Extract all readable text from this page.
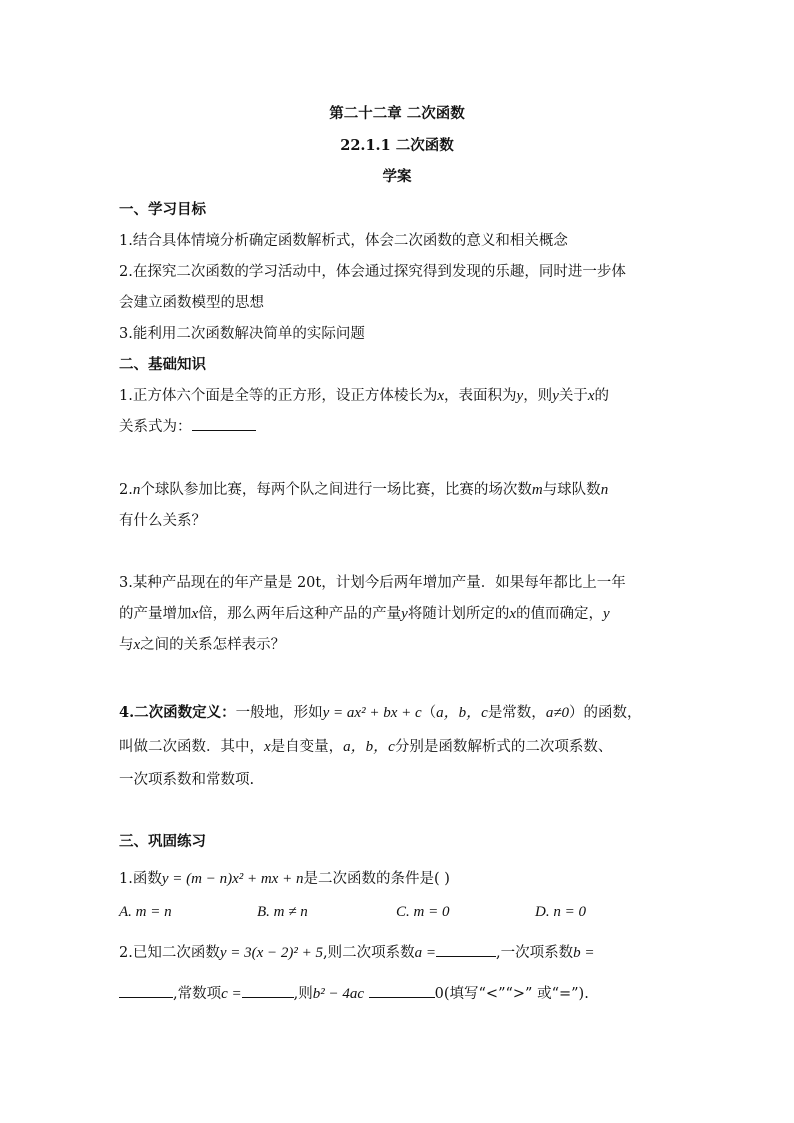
第二十二章 二次函数
22.1.1 二次函数
学案
一、学习目标
1.结合具体情境分析确定函数解析式，体会二次函数的意义和相关概念
2.在探究二次函数的学习活动中，体会通过探究得到发现的乐趣，同时进一步体
会建立函数模型的思想
3.能利用二次函数解决简单的实际问题
二、基础知识
1.正方体六个面是全等的正方形，设正方体棱长为x，表面积为y，则y关于x的
关系式为：
2.n个球队参加比赛，每两个队之间进行一场比赛，比赛的场次数m与球队数n
有什么关系？
3.某种产品现在的年产量是 20t，计划今后两年增加产量．如果每年都比上一年
的产量增加x倍，那么两年后这种产品的产量y将随计划所定的x的值而确定，y
与x之间的关系怎样表示？
4.二次函数定义：一般地，形如y = ax² + bx + c（a，b，c是常数，a≠0）的函数，
叫做二次函数．其中，x是自变量，a，b，c分别是函数解析式的二次项系数、
一次项系数和常数项.
三、巩固练习
1.函数y = (m − n)x² + mx + n是二次函数的条件是( )
A. m = n	B. m ≠ n	C. m = 0	D. n = 0
2.已知二次函数y = 3(x − 2)² + 5,则二次项系数a =	,一次项系数b =
,常数项c =	,则b² − 4ac	0(填写“<”“>” 或“=”).
